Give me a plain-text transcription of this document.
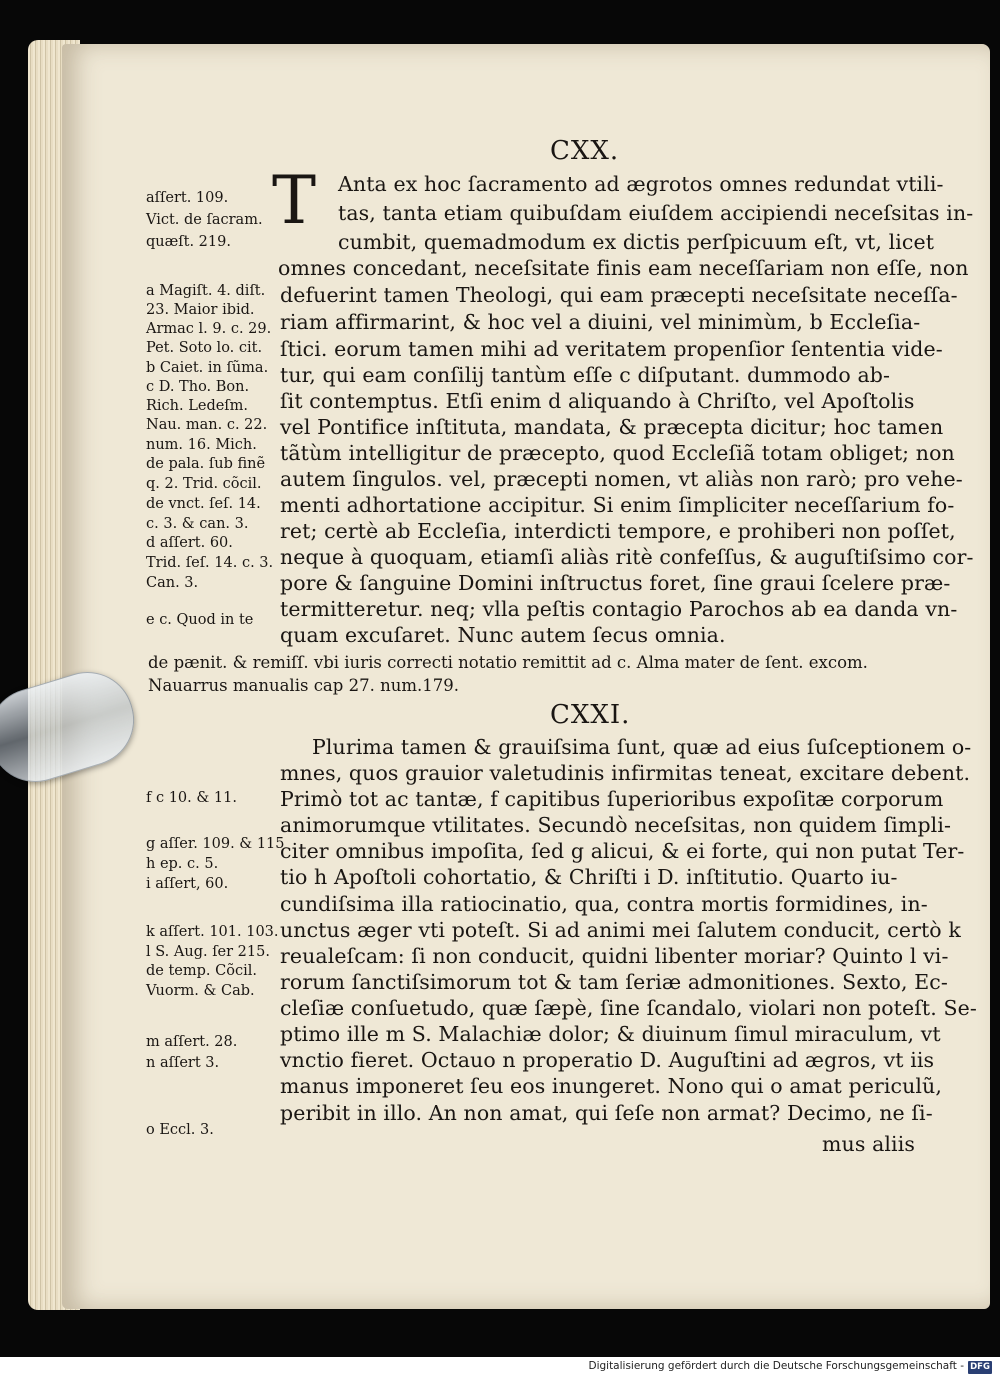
CXX.
CXXI.
T Anta ex hoc ſacramento ad ægrotos omnes redundat vtili-
tas, tanta etiam quibuſdam eiuſdem accipiendi neceſsitas in-
cumbit, quemadmodum ex dictis perſpicuum eſt, vt, licet
omnes concedant, neceſsitate finis eam neceſſariam non eſſe, non
defuerint tamen Theologi, qui eam præcepti neceſsitate neceſſa-
riam affirmarint, & hoc vel a diuini, vel minimùm, b Eccleſia-
ſtici. eorum tamen mihi ad veritatem propenſior ſententia vide-
tur, qui eam conſilij tantùm eſſe c diſputant. dummodo ab-
ſit contemptus. Etſi enim d aliquando à Chriſto, vel Apoſtolis
vel Pontifice inſtituta, mandata, & præcepta dicitur; hoc tamen
tãtùm intelligitur de præcepto, quod Eccleſiã totam obliget; non
autem ſingulos. vel, præcepti nomen, vt aliàs non rarò; pro vehe-
menti adhortatione accipitur. Si enim ſimpliciter neceſſarium fo-
ret; certè ab Eccleſia, interdicti tempore, e prohiberi non poſſet,
neque à quoquam, etiamſi aliàs ritè confeſſus, & auguſtiſsimo cor-
pore & ſanguine Domini inſtructus foret, ſine graui ſcelere præ-
termitteretur. neq; vlla peſtis contagio Parochos ab ea danda vn-
quam excuſaret. Nunc autem ſecus omnia.
de pænit. & remiſſ. vbi iuris correcti notatio remittit ad c. Alma mater de ſent. excom.
Nauarrus manualis cap 27. num.179.
Plurima tamen & grauiſsima ſunt, quæ ad eius ſuſceptionem o-
mnes, quos grauior valetudinis infirmitas teneat, excitare debent.
Primò tot ac tantæ, f capitibus ſuperioribus expoſitæ corporum
animorumque vtilitates. Secundò neceſsitas, non quidem ſimpli-
citer omnibus impoſita, ſed g alicui, & ei forte, qui non putat Ter-
tio h Apoſtoli cohortatio, & Chriſti i D. inſtitutio. Quarto iu-
cundiſsima illa ratiocinatio, qua, contra mortis formidines, in-
unctus æger vti poteſt. Si ad animi mei ſalutem conducit, certò k
reualeſcam: ſi non conducit, quidni libenter moriar? Quinto l vi-
rorum ſanctiſsimorum tot & tam ſeriæ admonitiones. Sexto, Ec-
cleſiæ conſuetudo, quæ ſæpè, ſine ſcandalo, violari non poteſt. Se-
ptimo ille m S. Malachiæ dolor; & diuinum ſimul miraculum, vt
vnctio fieret. Octauo n properatio D. Auguſtini ad ægros, vt iis
manus imponeret ſeu eos inungeret. Nono qui o amat periculũ,
peribit in illo. An non amat, qui ſeſe non armat? Decimo, ne ſi-
mus aliis
aſſert. 109.
Vict. de ſacram.
quæſt. 219.
a Magiſt. 4. diſt.
23. Maior ibid.
Armac l. 9. c. 29.
Pet. Soto lo. cit.
b Caiet. in ſũma.
c D. Tho. Bon.
Rich. Ledeſm.
Nau. man. c. 22.
num. 16. Mich.
de pala. ſub finẽ
q. 2. Trid. cõcil.
de vnct. ſeſ. 14.
c. 3. & can. 3.
d aſſert. 60.
Trid. ſeſ. 14. c. 3.
Can. 3.
e c. Quod in te
f c 10. & 11.
g aſſer. 109. & 115
h ep. c. 5.
i aſſert, 60.
k aſſert. 101. 103.
l S. Aug. ſer 215.
de temp. Cõcil.
Vuorm. & Cab.
m aſſert. 28.
n aſſert 3.
o Eccl. 3.
Digitalisierung gefördert durch die Deutsche Forschungsgemeinschaft - DFG
